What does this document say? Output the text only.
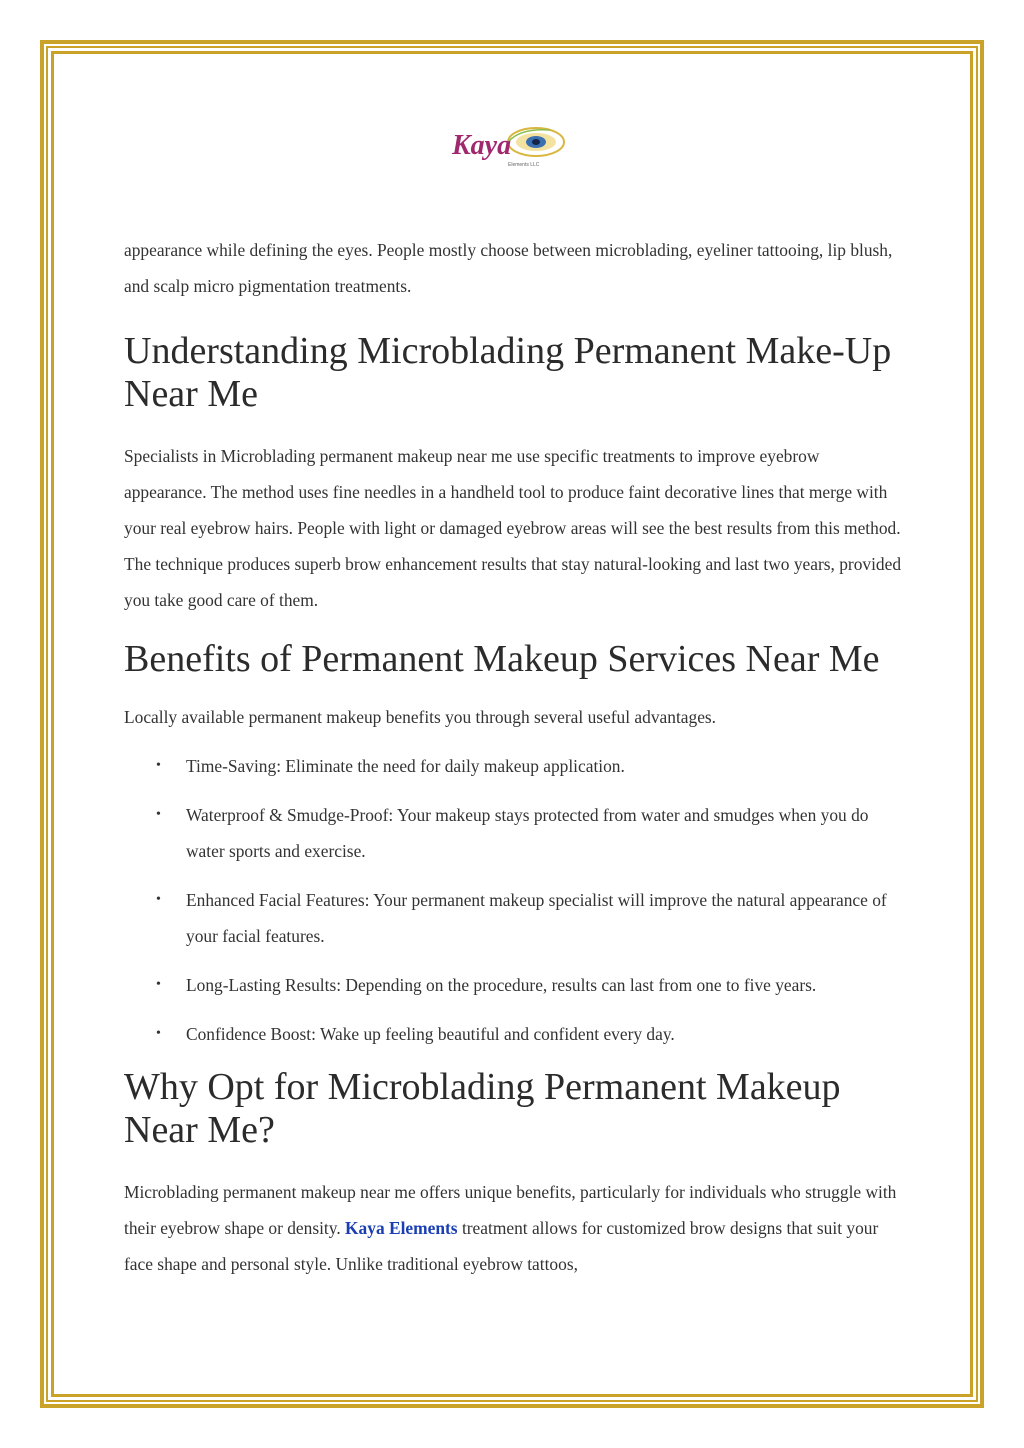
Kaya
Elements LLC

appearance while defining the eyes. People mostly choose between microblading, eyeliner tattooing, lip blush, and scalp micro pigmentation treatments.

Understanding Microblading Permanent Make-Up Near Me

Specialists in Microblading permanent makeup near me use specific treatments to improve eyebrow appearance. The method uses fine needles in a handheld tool to produce faint decorative lines that merge with your real eyebrow hairs. People with light or damaged eyebrow areas will see the best results from this method. The technique produces superb brow enhancement results that stay natural-looking and last two years, provided you take good care of them.

Benefits of Permanent Makeup Services Near Me

Locally available permanent makeup benefits you through several useful advantages.

• Time-Saving: Eliminate the need for daily makeup application.
• Waterproof & Smudge-Proof: Your makeup stays protected from water and smudges when you do water sports and exercise.
• Enhanced Facial Features: Your permanent makeup specialist will improve the natural appearance of your facial features.
• Long-Lasting Results: Depending on the procedure, results can last from one to five years.
• Confidence Boost: Wake up feeling beautiful and confident every day.
Why Opt for Microblading Permanent Makeup Near Me?

Microblading permanent makeup near me offers unique benefits, particularly for individuals who struggle with their eyebrow shape or density. Kaya Elements treatment allows for customized brow designs that suit your face shape and personal style. Unlike traditional eyebrow tattoos,
